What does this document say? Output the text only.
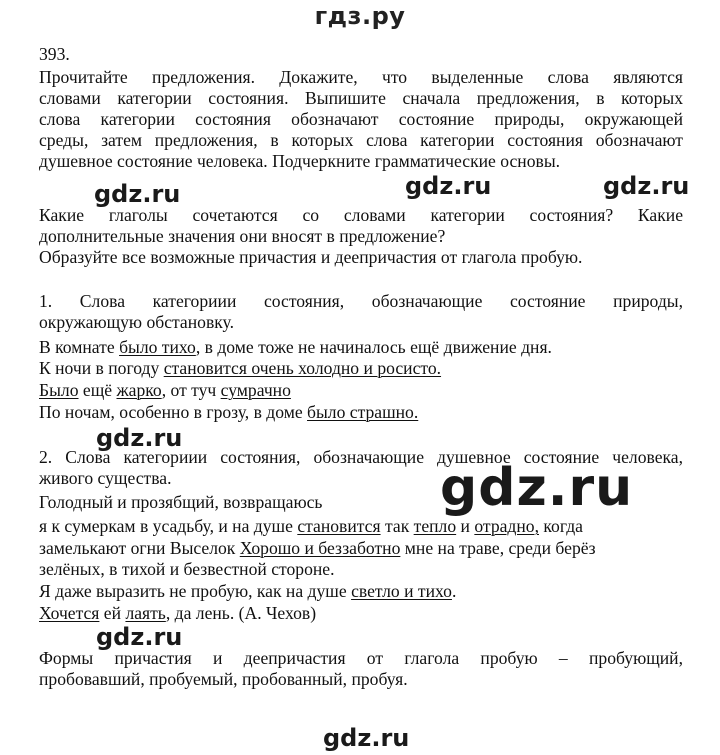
гдз.ру
393.
Прочитайте предложения. Докажите, что выделенные слова являются
словами категории состояния. Выпишите сначала предложения, в которых
слова категории состояния обозначают состояние природы, окружающей
среды, затем предложения, в которых слова категории состояния обозначают
душевное состояние человека. Подчеркните грамматические основы.
gdz.ru	gdz.ru	gdz.ru
Какие глаголы сочетаются со словами категории состояния? Какие
дополнительные значения они вносят в предложение?
Образуйте все возможные причастия и деепричастия от глагола пробую.
1. Слова категориии состояния, обозначающие состояние природы,
окружающую обстановку.
В комнате было тихо, в доме тоже не начиналось ещё движение дня.
К ночи в погоду становится очень холодно и росисто.
Было ещё жарко, от туч сумрачно
По ночам, особенно в грозу, в доме было страшно.
gdz.ru
2. Слова категориии состояния, обозначающие душевное состояние человека,
живого существа.
Голодный и прозябщий, возвращаюсь	gdz.ru
я к сумеркам в усадьбу, и на душе становится так тепло и отрадно, когда
замелькают огни Выселок Хорошо и беззаботно мне на траве, среди берёз
зелёных, в тихой и безвестной стороне.
Я даже выразить не пробую, как на душе светло и тихо.
Хочется ей лаять, да лень. (А. Чехов)
gdz.ru
Формы причастия и деепричастия от глагола пробую – пробующий,
пробовавший, пробуемый, пробованный, пробуя.
gdz.ru
